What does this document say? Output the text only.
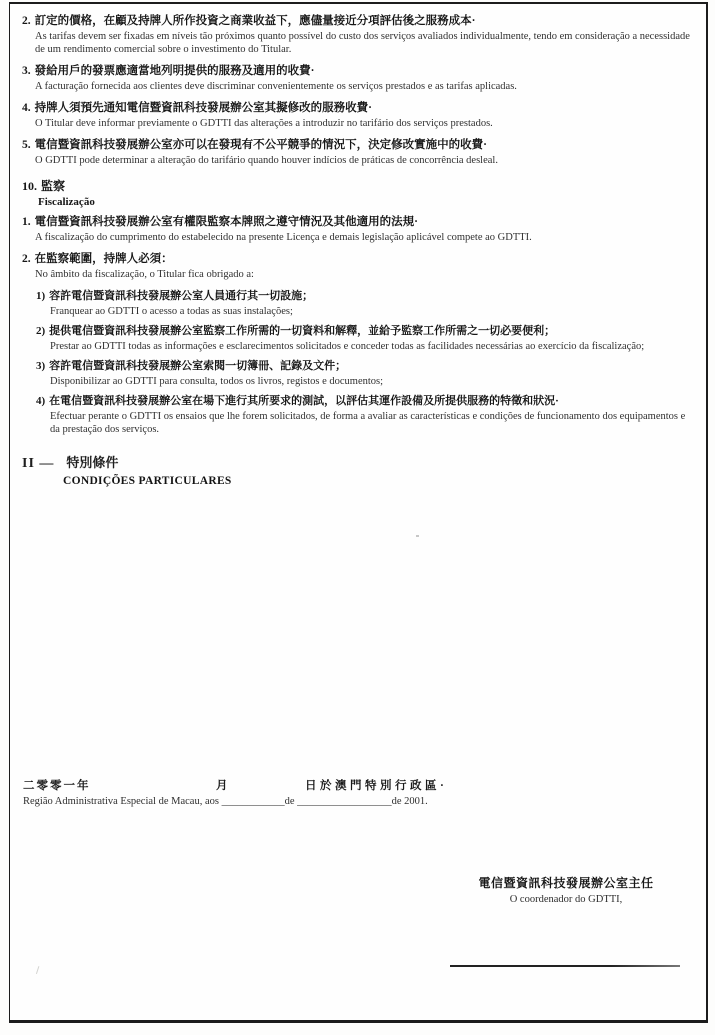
2. 訂定的價格，在顧及持牌人所作投資之商業收益下，應儘量接近分項評估後之服務成本·
As tarifas devem ser fixadas em níveis tão próximos quanto possível do custo dos serviços avaliados individualmente, tendo em consideração a necessidade de um rendimento comercial sobre o investimento do Titular.
3. 發給用戶的發票應適當地列明提供的服務及適用的收費·
A facturação fornecida aos clientes deve discriminar convenientemente os serviços prestados e as tarifas aplicadas.
4. 持牌人須預先通知電信暨資訊科技發展辦公室其擬修改的服務收費·
O Titular deve informar previamente o GDTTI das alterações a introduzir no tarifário dos serviços prestados.
5. 電信暨資訊科技發展辦公室亦可以在發現有不公平競爭的情況下，決定修改實施中的收費·
O GDTTI pode determinar a alteração do tarifário quando houver indícios de práticas de concorrência desleal.
10. 監察
Fiscalização
1. 電信暨資訊科技發展辦公室有權限監察本牌照之遵守情況及其他適用的法規·
A fiscalização do cumprimento do estabelecido na presente Licença e demais legislação aplicável compete ao GDTTI.
2. 在監察範圍，持牌人必須：
No âmbito da fiscalização, o Titular fica obrigado a:
1) 容許電信暨資訊科技發展辦公室人員通行其一切設施；
Franquear ao GDTTI o acesso a todas as suas instalações;
2) 提供電信暨資訊科技發展辦公室監察工作所需的一切資料和解釋，並給予監察工作所需之一切必要便利；
Prestar ao GDTTI todas as informações e esclarecimentos solicitados e conceder todas as facilidades necessárias ao exercício da fiscalização;
3) 容許電信暨資訊科技發展辦公室索閱一切簿冊、記錄及文件；
Disponibilizar ao GDTTI para consulta, todos os livros, registos e documentos;
4) 在電信暨資訊科技發展辦公室在場下進行其所要求的測試，以評估其運作設備及所提供服務的特徵和狀況·
Efectuar perante o GDTTI os ensaios que lhe forem solicitados, de forma a avaliar as características e condições de funcionamento dos equipamentos e da prestação dos serviços.
II — 特別條件
CONDIÇÕES PARTICULARES
二零零一年	月	日於澳門特別行政區·
Região Administrativa Especial de Macau, aos ____________de __________________de 2001.
電信暨資訊科技發展辦公室主任
O coordenador do GDTTI,
